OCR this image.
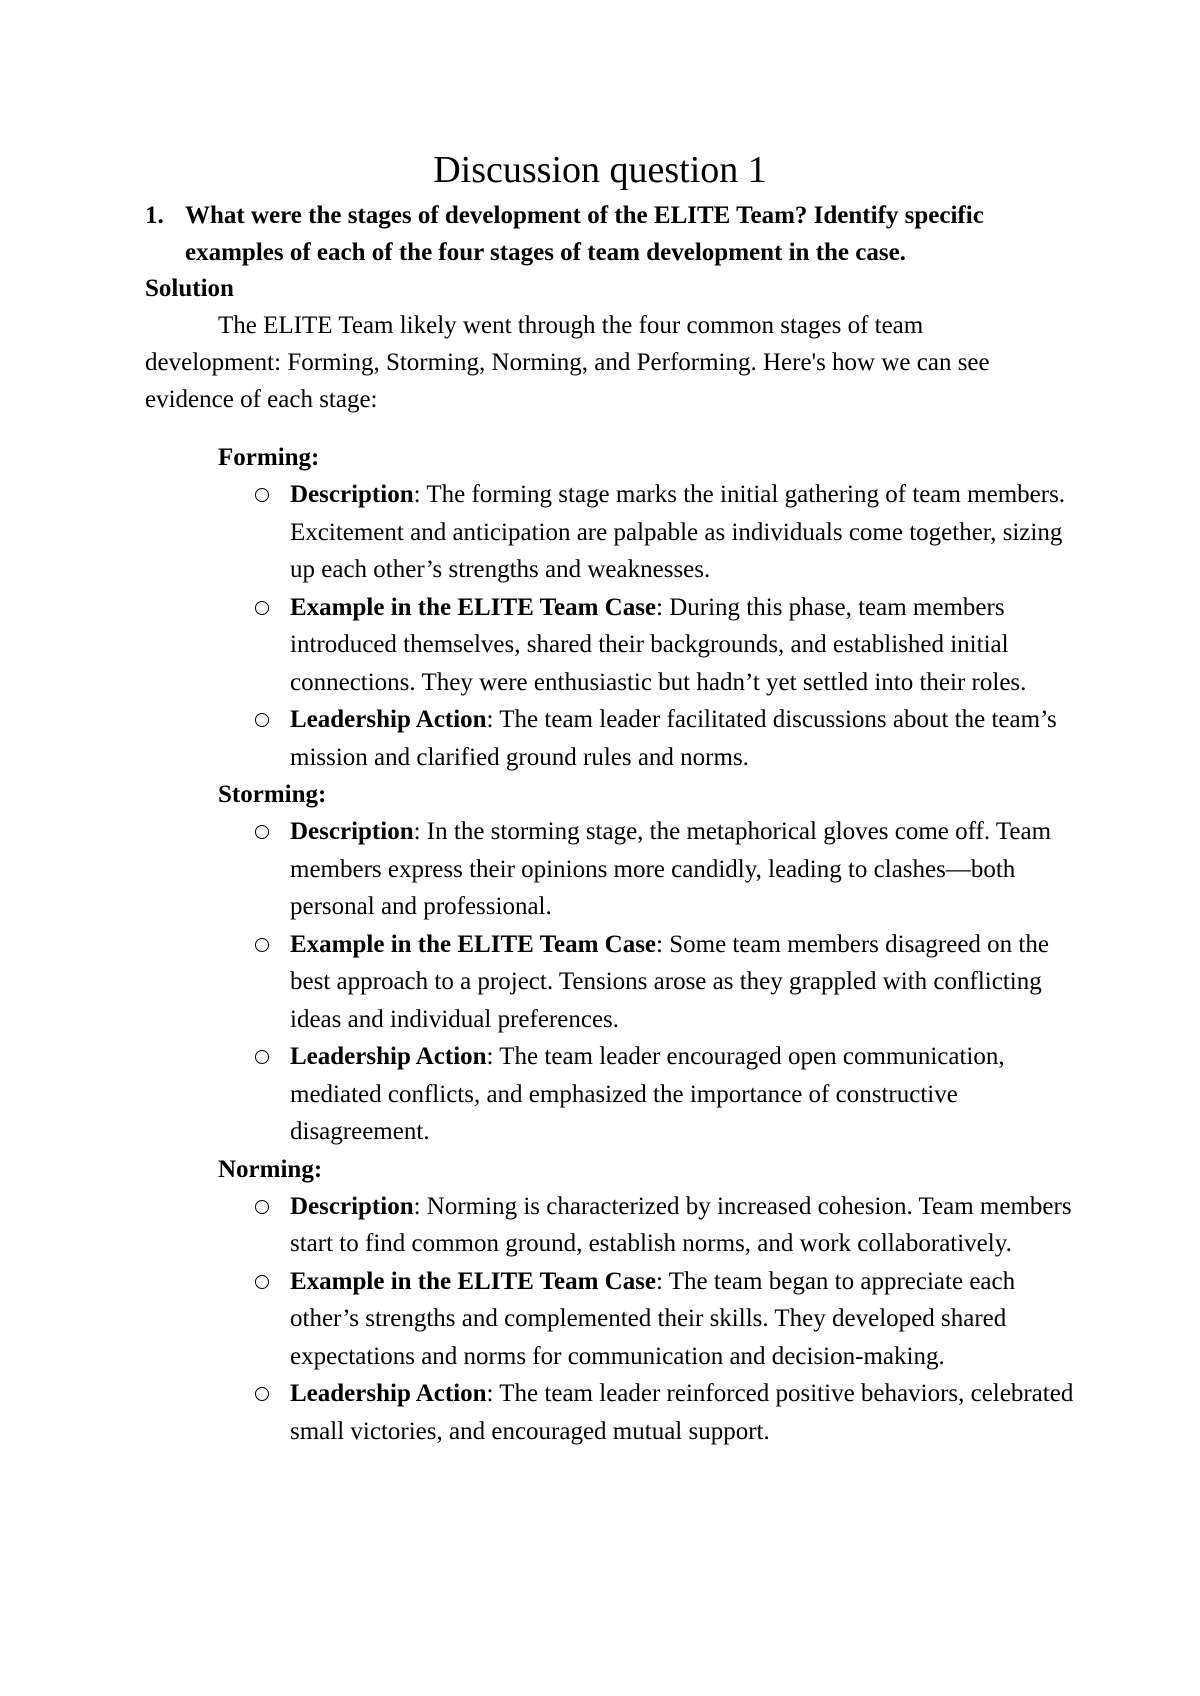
Discussion question 1
1. What were the stages of development of the ELITE Team? Identify specific examples of each of the four stages of team development in the case.
Solution
The ELITE Team likely went through the four common stages of team development: Forming, Storming, Norming, and Performing. Here's how we can see evidence of each stage:

Forming:

Description: The forming stage marks the initial gathering of team members. Excitement and anticipation are palpable as individuals come together, sizing up each other’s strengths and weaknesses.

Example in the ELITE Team Case: During this phase, team members introduced themselves, shared their backgrounds, and established initial connections. They were enthusiastic but hadn’t yet settled into their roles.

Leadership Action: The team leader facilitated discussions about the team’s mission and clarified ground rules and norms.

Storming:

Description: In the storming stage, the metaphorical gloves come off. Team members express their opinions more candidly, leading to clashes—both personal and professional.

Example in the ELITE Team Case: Some team members disagreed on the best approach to a project. Tensions arose as they grappled with conflicting ideas and individual preferences.

Leadership Action: The team leader encouraged open communication, mediated conflicts, and emphasized the importance of constructive disagreement.

Norming:

Description: Norming is characterized by increased cohesion. Team members start to find common ground, establish norms, and work collaboratively.

Example in the ELITE Team Case: The team began to appreciate each other’s strengths and complemented their skills. They developed shared expectations and norms for communication and decision-making.

Leadership Action: The team leader reinforced positive behaviors, celebrated small victories, and encouraged mutual support.
